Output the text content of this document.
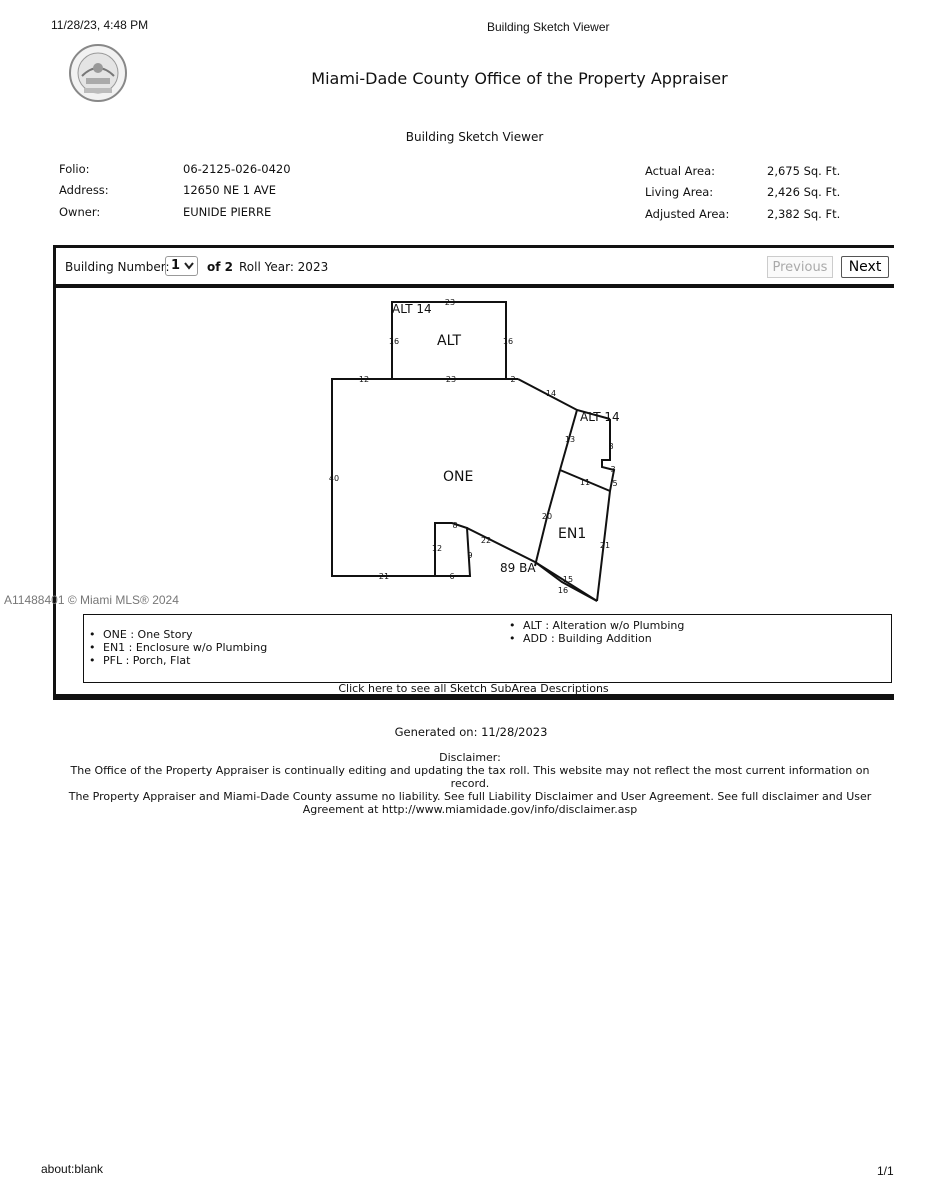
11/28/23, 4:48 PM	Building Sketch Viewer
Miami-Dade County Office of the Property Appraiser
Building Sketch Viewer
Folio:	06-2125-026-0420
Address:	12650 NE 1 AVE
Owner:	EUNIDE PIERRE
Actual Area:	2,675 Sq. Ft.
Living Area:	2,426 Sq. Ft.
Adjusted Area:	2,382 Sq. Ft.
Building Number: 1	of 2 Roll Year: 2023	Previous	Next
23
16	16
12	23	2
14
13
8
3
5
11
20
21
40
21
8
12
9
6
22
15
16
ALT 14
ALT
ONE
ALT 14
EN1
89 BA
A11488401 © Miami MLS® 2024
• ONE : One Story
• EN1 : Enclosure w/o Plumbing
• PFL : Porch, Flat
• ALT : Alteration w/o Plumbing
• ADD : Building Addition
Click here to see all Sketch SubArea Descriptions
Generated on: 11/28/2023
Disclaimer:
The Office of the Property Appraiser is continually editing and updating the tax roll. This website may not reflect the most current information on record.
The Property Appraiser and Miami-Dade County assume no liability. See full Liability Disclaimer and User Agreement. See full disclaimer and User
Agreement at http://www.miamidade.gov/info/disclaimer.asp
about:blank	1/1
